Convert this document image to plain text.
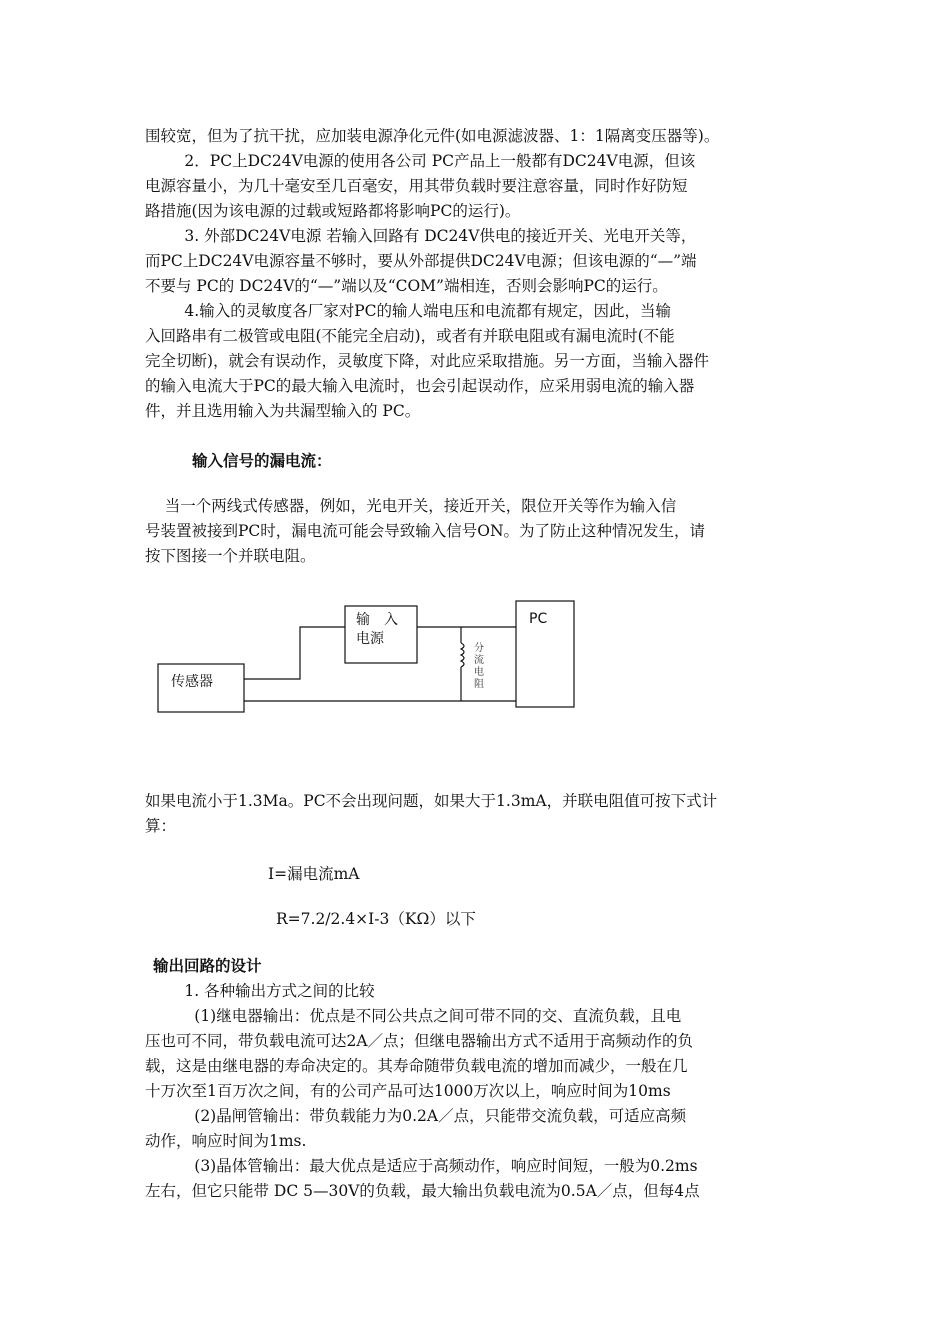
围较宽，但为了抗干扰，应加装电源净化元件(如电源滤波器、1：1隔离变压器等)。
2．PC上DC24V电源的使用各公司 PC产品上一般都有DC24V电源，但该
电源容量小，为几十毫安至几百毫安，用其带负载时要注意容量，同时作好防短
路措施(因为该电源的过载或短路都将影响PC的运行)。
3. 外部DC24V电源 若输入回路有 DC24V供电的接近开关、光电开关等，
而PC上DC24V电源容量不够时，要从外部提供DC24V电源；但该电源的“—”端
不要与 PC的 DC24V的“—”端以及“COM”端相连，否则会影响PC的运行。
4.输入的灵敏度各厂家对PC的输人端电压和电流都有规定，因此，当输
入回路串有二极管或电阻(不能完全启动)，或者有并联电阻或有漏电流时(不能
完全切断)，就会有误动作，灵敏度下降，对此应采取措施。另一方面，当输入器件
的输入电流大于PC的最大输入电流时，也会引起误动作，应采用弱电流的输入器
件，并且选用输入为共漏型输入的 PC。
输入信号的漏电流：
当一个两线式传感器，例如，光电开关，接近开关，限位开关等作为输入信
号装置被接到PC时，漏电流可能会导致输入信号ON。为了防止这种情况发生，请
按下图接一个并联电阻。
输　入
电源
PC
传感器
分
流
电
阻
如果电流小于1.3Ma。PC不会出现问题，如果大于1.3mA，并联电阻值可按下式计
算：
I=漏电流mA
R=7.2/2.4×I-3（KΩ）以下
输出回路的设计
1. 各种输出方式之间的比较
(1)继电器输出：优点是不同公共点之间可带不同的交、直流负载，且电
压也可不同，带负载电流可达2A／点；但继电器输出方式不适用于高频动作的负
载，这是由继电器的寿命决定的。其寿命随带负载电流的增加而减少，一般在几
十万次至1百万次之间，有的公司产品可达1000万次以上，响应时间为10ms
(2)晶闸管输出：带负载能力为0.2A／点，只能带交流负载，可适应高频
动作，响应时间为1ms.
(3)晶体管输出：最大优点是适应于高频动作，响应时间短，一般为0.2ms
左右，但它只能带 DC 5—30V的负载，最大输出负载电流为0.5A／点，但每4点
